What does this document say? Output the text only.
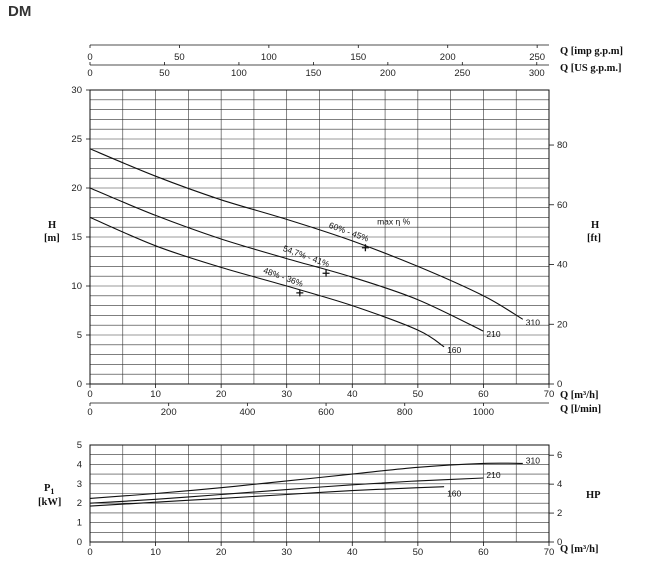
DM
0
5
10
15
20
25
30
0
20
40
60
80
0	10	20	30	40	50	60	70
0	200	400	600	800	1000
0	50	100	150	200	250	300
0	50	100	150	200	250
310
210
160
max η %
60% - 45%
54,7% - 41%
48% - 36%
0
1
2
3
4
5
0
2
4
6
0	10	20	30	40	50	60	70
310
210
160
Q [imp g.p.m]
Q [US g.p.m.]
Q [m³/h]
Q [l/min]
H
[m]
H
[ft]
$P_1$
[kW]
HP
Q [m³/h]
